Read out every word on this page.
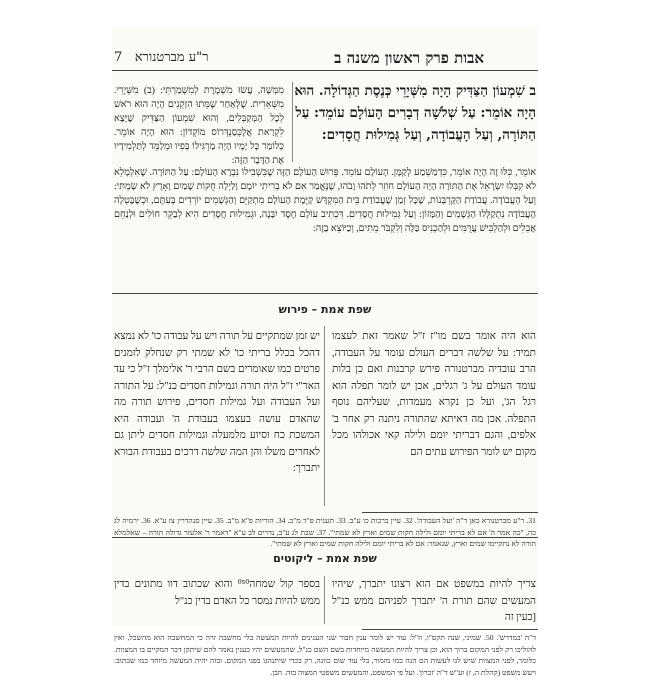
אבות פרק ראשון משנה ב
7 ר"ע מברטנורא
ב שִׁמְעוֹן הַצַּדִּיק הָיָה מִשְּׁיָרֵי כְּנֶסֶת הַגְּדוֹלָה. הוּא הָיָה אוֹמֵר: עַל שְׁלֹשָׁה דְבָרִים הָעוֹלָם עוֹמֵד: עַל הַתּוֹרָה, וְעַל הָעֲבוֹדָה, וְעַל גְּמִילוּת חֲסָדִים:
מִמְּשֶׁה, עֲשׂוּ מִשְׁמֶרֶת לְמִשְׁמַרְתִּי: (ב) מִשְּׁיָרֵי. מִשְּׁאֵרִית. שֶׁלְּאַחַר שֶׁמֵּתוּ הִזְקֵנִים הָיָה הוּא רֹאשׁ לְכָל הַמְּקַבְּלִים, וְהוּא שִׁמְעוֹן הַצַּדִּיק שֶׁיָּצָא לִקְרַאת אֲלֶכְּסַנְדְּרוֹס מוֹקְדוֹן: הוּא הָיָה אוֹמֵר. כְּלוֹמַר כָּל יָמָיו הָיָה מַרְגִּילוֹ בְּפִיו וּמְלַמֵּד לְתַלְמִידָיו אֶת הַדָּבָר הַזֶּה:
אוֹמֵר, כִּלּוּ זֶה הָיָה אוֹמֵר, כִּדְמַשְׁמַע לְקַמָּן. הָעוֹלָם עוֹמֵד. פֵּרוּשׁ הָעוֹלָם הַזֶּה שֶׁבִּשְׁבִילוֹ נִבְרָא הָעוֹלָם: עַל הַתּוֹרָה. שֶׁאִלְמָלֵא לֹא קִבְּלוּ יִשְׂרָאֵל אֶת הַתּוֹרָה הָיָה הָעוֹלָם חוֹזֵר לְתֹהוּ וָבֹהוּ, שֶׁנֶּאֱמַר אִם לֹא בְרִיתִי יוֹמָם וָלַיְלָה חֻקּוֹת שָׁמַיִם וָאָרֶץ לֹא שָׂמְתִּי: וְעַל הָעֲבוֹדָה. עֲבוֹדַת הַקָּרְבָּנוֹת, שֶׁכָּל זְמַן שֶׁעֲבוֹדַת בֵּית הַמִּקְדָּשׁ קַיֶּמֶת הָעוֹלָם מִתְקַיֵּם וְהַגְּשָׁמִים יוֹרְדִים בְּעִתָּם, וּכְשֶׁבָּטְלָה הָעֲבוֹדָה נִתְקַלְּלוּ הַגְּשָׁמִים וְהַמָּזוֹן: וְעַל גְּמִילוּת חֲסָדִים. דִּכְתִיב עוֹלָם חֶסֶד יִבָּנֶה, וּגְמִילוּת חֲסָדִים הִיא לְבַקֵּר חוֹלִים וּלְנַחֵם אֲבֵלִים וּלְהַלְבִּישׁ עֲרֻמִּים וּלְהַכְנִיס כַּלָּה וְלִקְבֹּר מֵתִים, וְכַיּוֹצֵא בָזֶה:
שפת אמת – פירוש
הוא היה אומר בשם מו"ז ז"ל שאמר זאת לעצמו תמיד: על שלשה דברים העולם עומד על העבודה, הרב עובדיה מברטנורה פירש קרבנות ואם כן בלות עומד העולם על ג' רגלים, אכן יש לומר תפלה הוא רגל הג', ועל כן נקרא מעמדות, שעליהם נוסף התפלה. אכן מה דאיתא שהתורה ניתנה רק אחר ב' אלפים, והגם דבריתי יומם ולילה קאי אכולהו מכל מקום יש לומר הפירוש עתים הם
יש זמן שמתקיים על תורה ויש על עבודה כו' לא נמצא דהכל בכלל בריתי כו' לא שמתי רק שנחלק לזמנים פרטים כמו שאומרים בשם הרבי ר' אלימלך ז"ל כי עד האר"י ז"ל היה תורה וגמילות חסדים כנ"ל: על התורה ועל העבודה ועל גמילות חסדים, פירוש תורה מה שהאדם עושה בעצמו בעבודת ה' ועבודה היא המשכת כח וסיוע מלמעלה וגמילות חסדים ליתן גם לאחרים משלו והן המה שלשה דרכים בעבודת הבורא יתברך:
31. ר"ע מברטנורא כאן ד"ה 'ועל העבודה'. 32. עיין ברכות כו ע"ב. 33. תענית פ"ד מ"ב. 34. הוריות פ"א מ"ב. 35. עיין סנהדרין צז ע"א. 36. ירמיה לג כה, "כה אמר ה' אם לא בריתי יומם ולילה חקות שמים וארץ לא שמתי". 37. שבת לג ע"ב, נדרים לב ע"א "דאמר ר' אלעזר גדולה תורה – שאלמלא תורה לא נתקיימו שמים וארץ, שנאמר: אם לא בריתי יומם ולילה חקות שמים וארץ לא שמתי".
שפת אמת – ליקוטים
צריך להיות במשפט אם הוא רצונו יתברך, שיהיו המעשים שהם תורת ה' יתברך לפניהם ממש כנ"ל [כעין זה
בספר קול שמחה⁰⁵⁰ והוא שכתוב דוו מתונים בדין ממש להיות נמסר כל האדם בדין כנ"ל
ד"ה 'במדרש'. 50. שמיני, שנה תקס"ו, וז"ל: עוד יש לומר ענין חבור שני הענינים להיות המעשה בלי מחשבה זרה כי המחשבה הוא מהשכל, ואין להוליכו רק לפני המקום ברוך הוא, וכן צריך להיות המעשה מיוחדות בשם השם כנ"ל, שהמעשים יהיו כענין נאמר להם שיתקן דבר המקיים בו המצוות. כלומר, לפני המצוות שיש לנו לעשות הם הנה כמו מזמור, בלי עוד שום כוונה, רק בכדי שיתנהגו בפני המקום. ובזה יהיה המעשה מיוחד כמו שכתוב: ויעש משפט (קהלת ה, ז) וע"ש ד"ה 'זכרון'. ועל פי המשפט, והמעשים משפטי המצוה בזה. הבן.
